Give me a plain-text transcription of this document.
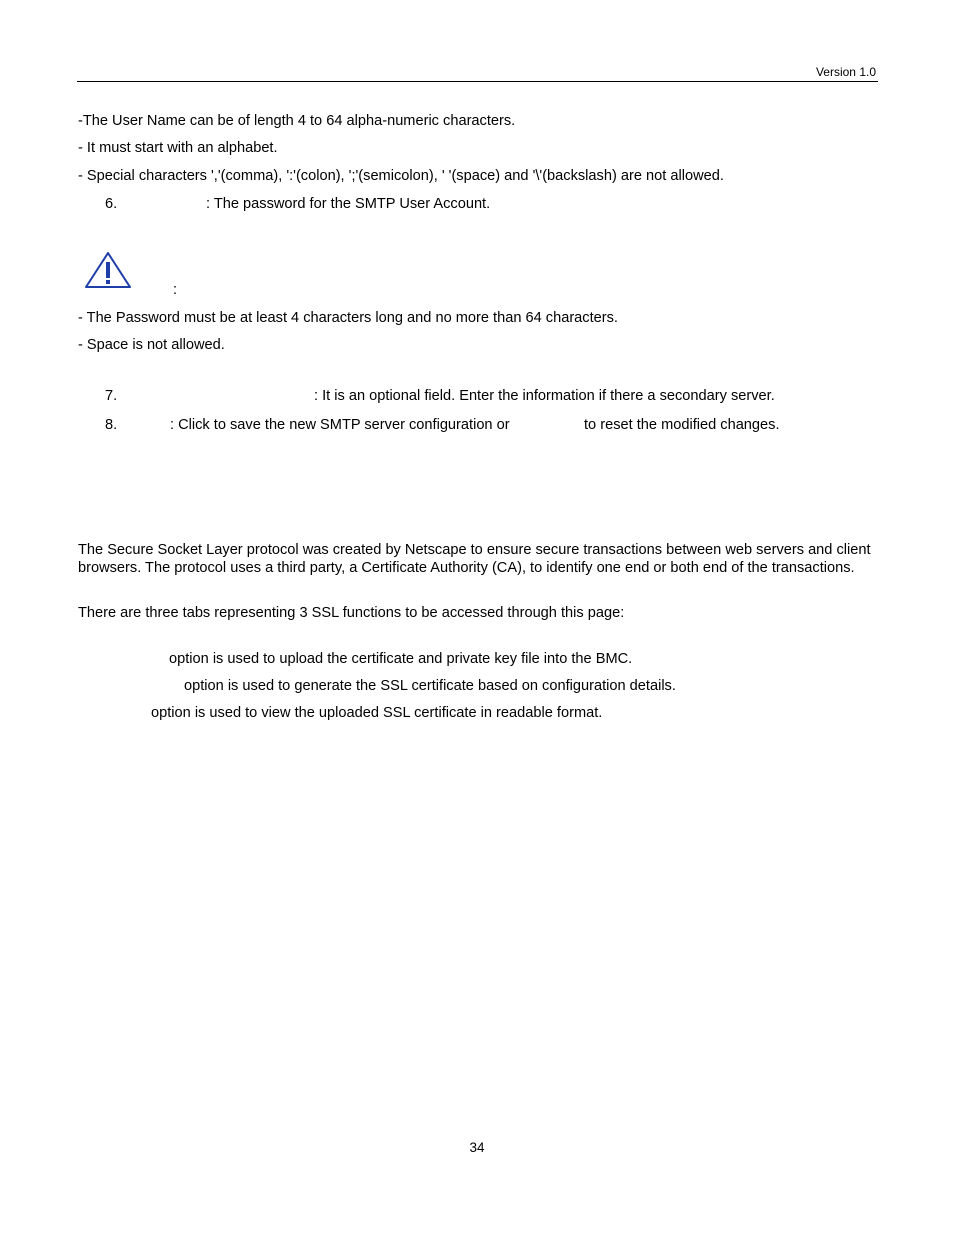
Version 1.0
-The User Name can be of length 4 to 64 alpha-numeric characters.
- It must start with an alphabet.
- Special characters ','(comma), ':'(colon), ';'(semicolon), ' '(space) and '\'(backslash) are not allowed.
6.	: The password for the SMTP User Account.
:
- The Password must be at least 4 characters long and no more than 64 characters.
- Space is not allowed.
7.	: It is an optional field. Enter the information if there a secondary server.
8.	: Click to save the new SMTP server configuration or	to reset the modified changes.
The Secure Socket Layer protocol was created by Netscape to ensure secure transactions between web servers and client browsers. The protocol uses a third party, a Certificate Authority (CA), to identify one end or both end of the transactions.
There are three tabs representing 3 SSL functions to be accessed through this page:
option is used to upload the certificate and private key file into the BMC.
option is used to generate the SSL certificate based on configuration details.
option is used to view the uploaded SSL certificate in readable format.
34
